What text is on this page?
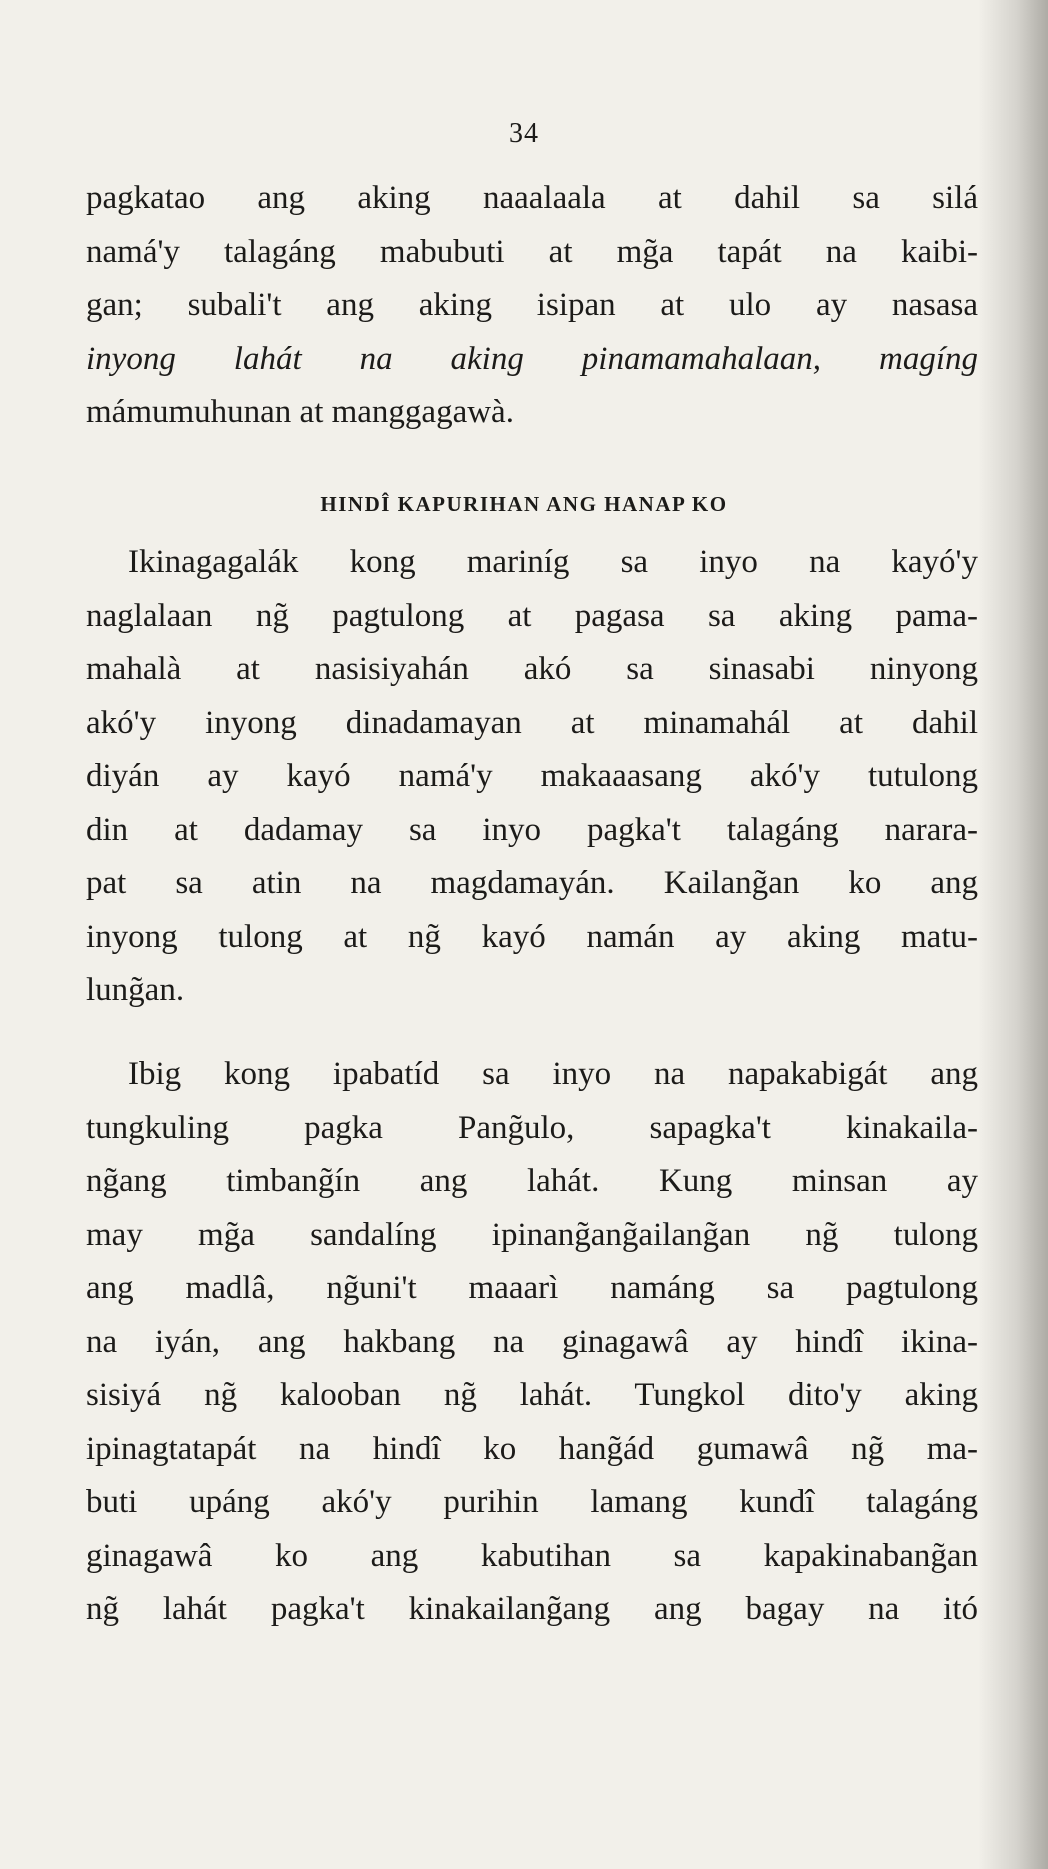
34
pagkatao ang aking naaalaala at dahil sa silá
namá'y talagáng mabubuti at mg̃a tapát na kaibi-
gan; subali't ang aking isipan at ulo ay nasasa
inyong lahát na aking pinamamahalaan, magíng
mámumuhunan at manggagawà.
HINDÎ KAPURIHAN ANG HANAP KO
Ikinagagalák kong mariníg sa inyo na kayó'y
naglalaan ng̃ pagtulong at pagasa sa aking pama-
mahalà at nasisiyahán akó sa sinasabi ninyong
akó'y inyong dinadamayan at minamahál at dahil
diyán ay kayó namá'y makaaasang akó'y tutulong
din at dadamay sa inyo pagka't talagáng narara-
pat sa atin na magdamayán. Kailang̃an ko ang
inyong tulong at ng̃ kayó namán ay aking matu-
lung̃an.
Ibig kong ipabatíd sa inyo na napakabigát ang
tungkuling pagka Pang̃ulo, sapagka't kinakaila-
ng̃ang timbang̃ín ang lahát. Kung minsan ay
may mg̃a sandalíng ipinang̃ang̃ailang̃an ng̃ tulong
ang madlâ, ng̃uni't maaarì namáng sa pagtulong
na iyán, ang hakbang na ginagawâ ay hindî ikina-
sisiyá ng̃ kalooban ng̃ lahát. Tungkol dito'y aking
ipinagtatapát na hindî ko hang̃ád gumawâ ng̃ ma-
buti upáng akó'y purihin lamang kundî talagáng
ginagawâ ko ang kabutihan sa kapakinabang̃an
ng̃ lahát pagka't kinakailang̃ang ang bagay na itó
